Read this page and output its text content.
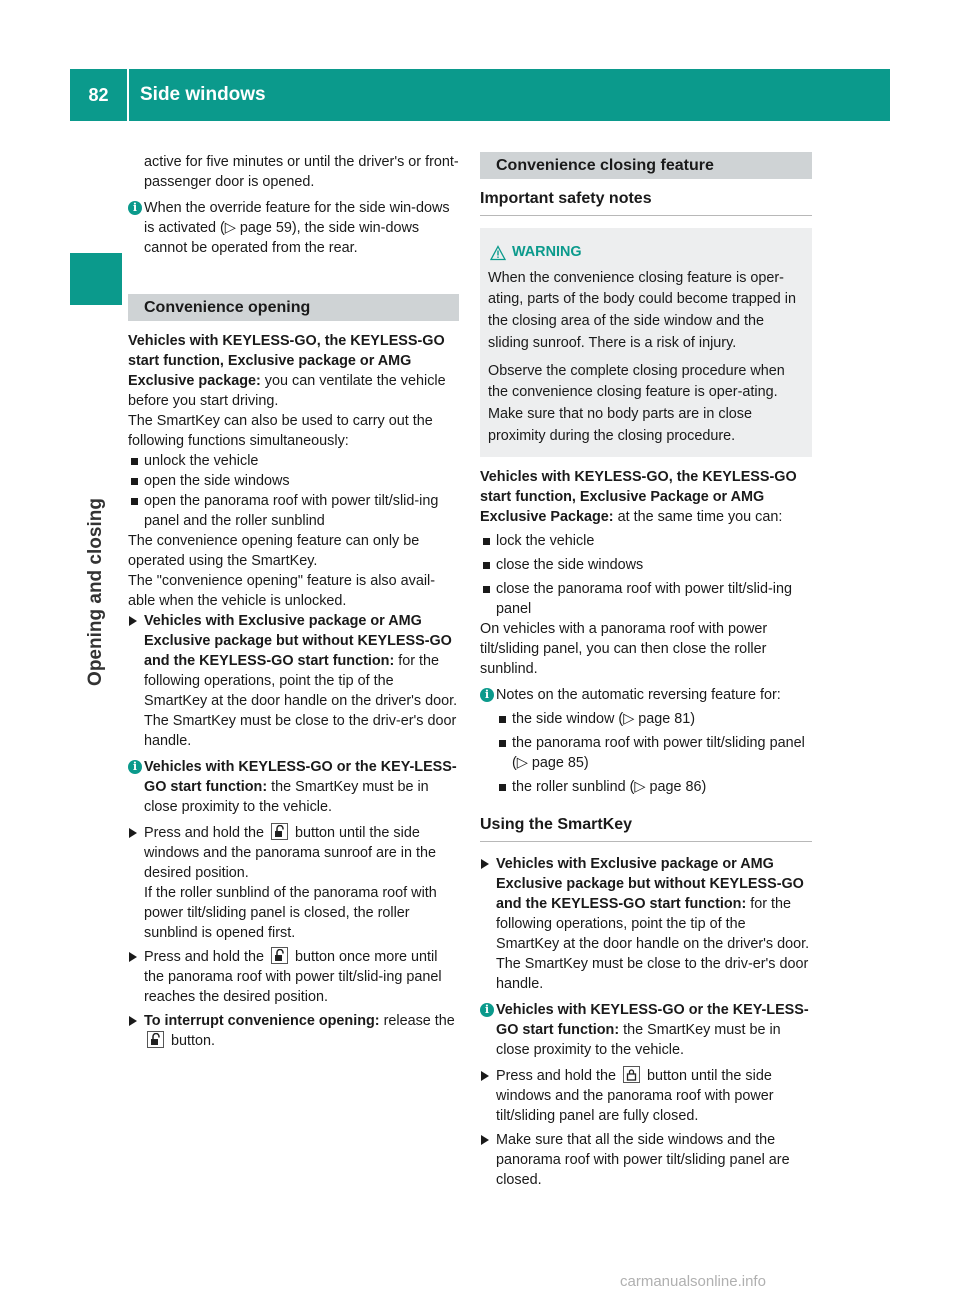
82	Side windows
Opening and closing

active for five minutes or until the driver's or front-passenger door is opened.

i When the override feature for the side win-dows is activated (▷ page 59), the side win-dows cannot be operated from the rear.
Convenience opening

Vehicles with KEYLESS-GO, the KEYLESS-GO start function, Exclusive package or AMG Exclusive package: you can ventilate the vehicle before you start driving.

The SmartKey can also be used to carry out the following functions simultaneously:

unlock the vehicle
open the side windows
open the panorama roof with power tilt/slid-ing panel and the roller sunblind

The convenience opening feature can only be operated using the SmartKey.

The "convenience opening" feature is also avail-able when the vehicle is unlocked.

Vehicles with Exclusive package or AMG Exclusive package but without KEYLESS-GO and the KEYLESS-GO start function: for the following operations, point the tip of the SmartKey at the door handle on the driver's door. The SmartKey must be close to the driv-er's door handle.
i Vehicles with KEYLESS-GO or the KEY-LESS-GO start function: the SmartKey must be in close proximity to the vehicle.
Press and hold the button until the side windows and the panorama sunroof are in the desired position.
If the roller sunblind of the panorama roof with power tilt/sliding panel is closed, the roller sunblind is opened first.
Press and hold the button once more until the panorama roof with power tilt/slid-ing panel reaches the desired position.
To interrupt convenience opening: release the
button.
Convenience closing feature
Important safety notes
WARNING

When the convenience closing feature is oper-ating, parts of the body could become trapped in the closing area of the side window and the sliding sunroof. There is a risk of injury.

Observe the complete closing procedure when the convenience closing feature is oper-ating. Make sure that no body parts are in close proximity during the closing procedure.

Vehicles with KEYLESS-GO, the KEYLESS-GO start function, Exclusive Package or AMG Exclusive Package: at the same time you can:

lock the vehicle
close the side windows
close the panorama roof with power tilt/slid-ing panel

On vehicles with a panorama roof with power tilt/sliding panel, you can then close the roller sunblind.

i Notes on the automatic reversing feature for:
the side window (▷ page 81)
the panorama roof with power tilt/sliding panel (▷ page 85)
the roller sunblind (▷ page 86)
Using the SmartKey
Vehicles with Exclusive package or AMG Exclusive package but without KEYLESS-GO and the KEYLESS-GO start function: for the following operations, point the tip of the SmartKey at the door handle on the driver's door. The SmartKey must be close to the driv-er's door handle.
i Vehicles with KEYLESS-GO or the KEY-LESS-GO start function: the SmartKey must be in close proximity to the vehicle.
Press and hold the button until the side windows and the panorama roof with power tilt/sliding panel are fully closed.
Make sure that all the side windows and the panorama roof with power tilt/sliding panel are closed.
carmanualsonline.info
